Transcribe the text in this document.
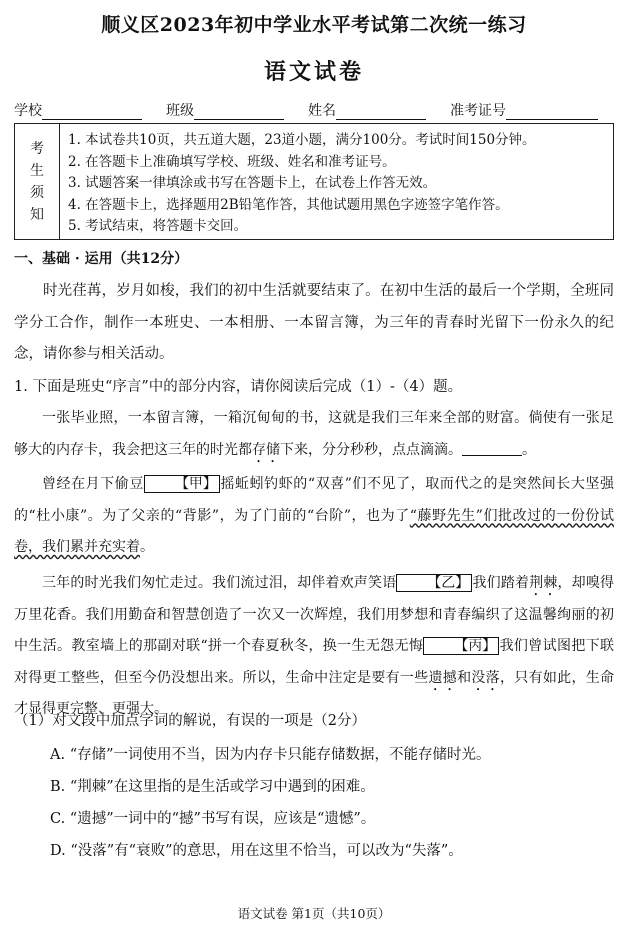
顺义区2023年初中学业水平考试第二次统一练习
语文试卷
学校	班级	姓名	准考证号
考
生
须
知
1. 本试卷共10页，共五道大题，23道小题，满分100分。考试时间150分钟。
2. 在答题卡上准确填写学校、班级、姓名和准考证号。
3. 试题答案一律填涂或书写在答题卡上，在试卷上作答无效。
4. 在答题卡上，选择题用2B铅笔作答，其他试题用黑色字迹签字笔作答。
5. 考试结束，将答题卡交回。
一、基础 · 运用（共12分）
时光荏苒，岁月如梭，我们的初中生活就要结束了。在初中生活的最后一个学期，全班同学分工合作，制作一本班史、一本相册、一本留言簿，为三年的青春时光留下一份永久的纪念，请你参与相关活动。
1. 下面是班史“序言”中的部分内容，请你阅读后完成（1）-（4）题。
一张毕业照，一本留言簿，一箱沉甸甸的书，这就是我们三年来全部的财富。倘使有一张足够大的内存卡，我会把这三年的时光都存储下来，分分秒秒，点点滴滴。	。
曾经在月下偷豆 【甲】 摇蚯蚓钓虾的“双喜”们不见了，取而代之的是突然间长大坚强的“杜小康”。为了父亲的“背影”，为了门前的“台阶”，也为了“藤野先生”们批改过的一份份试卷，我们累并充实着。
三年的时光我们匆忙走过。我们流过泪，却伴着欢声笑语 【乙】 我们踏着荆棘，却嗅得万里花香。我们用勤奋和智慧创造了一次又一次辉煌，我们用梦想和青春编织了这温馨绚丽的初中生活。教室墙上的那副对联“拼一个春夏秋冬，换一生无怨无悔 【丙】 我们曾试图把下联对得更工整些，但至今仍没想出来。所以，生命中注定是要有一些遗撼和没落，只有如此，生命才显得更完整、更强大。
（1）对文段中加点字词的解说，有误的一项是（2分）
A. “存储”一词使用不当，因为内存卡只能存储数据，不能存储时光。
B. “荆棘”在这里指的是生活或学习中遇到的困难。
C. “遗撼”一词中的“撼”书写有误，应该是“遗憾”。
D. “没落”有“衰败”的意思，用在这里不恰当，可以改为“失落”。
语文试卷 第1页（共10页）
